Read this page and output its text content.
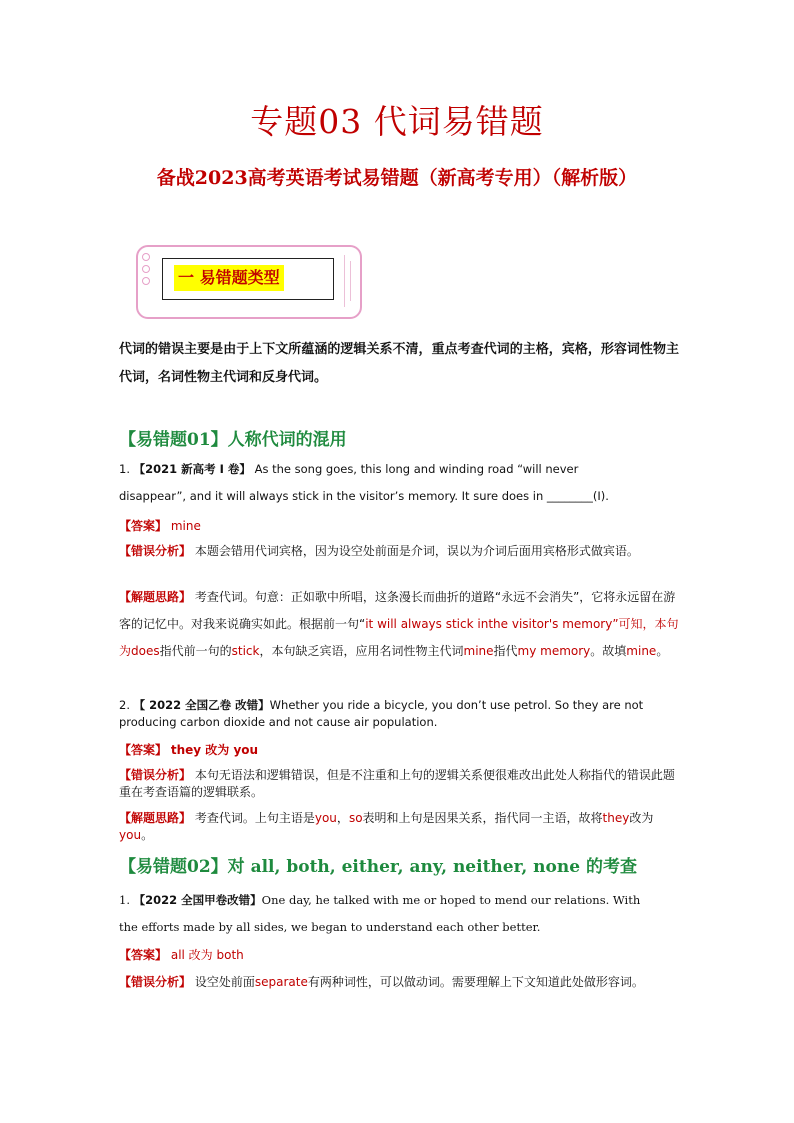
专题03 代词易错题
备战2023高考英语考试易错题（新高考专用）（解析版）
一 易错题类型
代词的错误主要是由于上下文所蕴涵的逻辑关系不清，重点考查代词的主格，宾格，形容词性物主代词，名词性物主代词和反身代词。
【易错题01】人称代词的混用
1. 【2021 新高考 I 卷】 As the song goes, this long and winding road “will never
disappear”, and it will always stick in the visitor’s memory. It sure does in ________(I).
【答案】 mine
【错误分析】 本题会错用代词宾格，因为设空处前面是介词，误以为介词后面用宾格形式做宾语。
【解题思路】 考查代词。句意：正如歌中所唱，这条漫长而曲折的道路“永远不会消失”，它将永远留在游客的记忆中。对我来说确实如此。根据前一句“it will always stick inthe visitor's memory”可知，本句为does指代前一句的stick，本句缺乏宾语，应用名词性物主代词mine指代my memory。故填mine。
2. 【 2022 全国乙卷 改错】Whether you ride a bicycle, you don’t use petrol. So they are not producing carbon dioxide and not cause air population.
【答案】 they 改为 you
【错误分析】 本句无语法和逻辑错误，但是不注重和上句的逻辑关系便很难改出此处人称指代的错误此题重在考查语篇的逻辑联系。
【解题思路】 考查代词。上句主语是you，so表明和上句是因果关系，指代同一主语，故将they改为you。
【易错题02】对 all, both, either, any, neither, none 的考查
1. 【2022 全国甲卷改错】One day, he talked with me or hoped to mend our relations. With
the efforts made by all sides, we began to understand each other better.
【答案】 all 改为 both
【错误分析】 设空处前面separate有两种词性，可以做动词。需要理解上下文知道此处做形容词。
